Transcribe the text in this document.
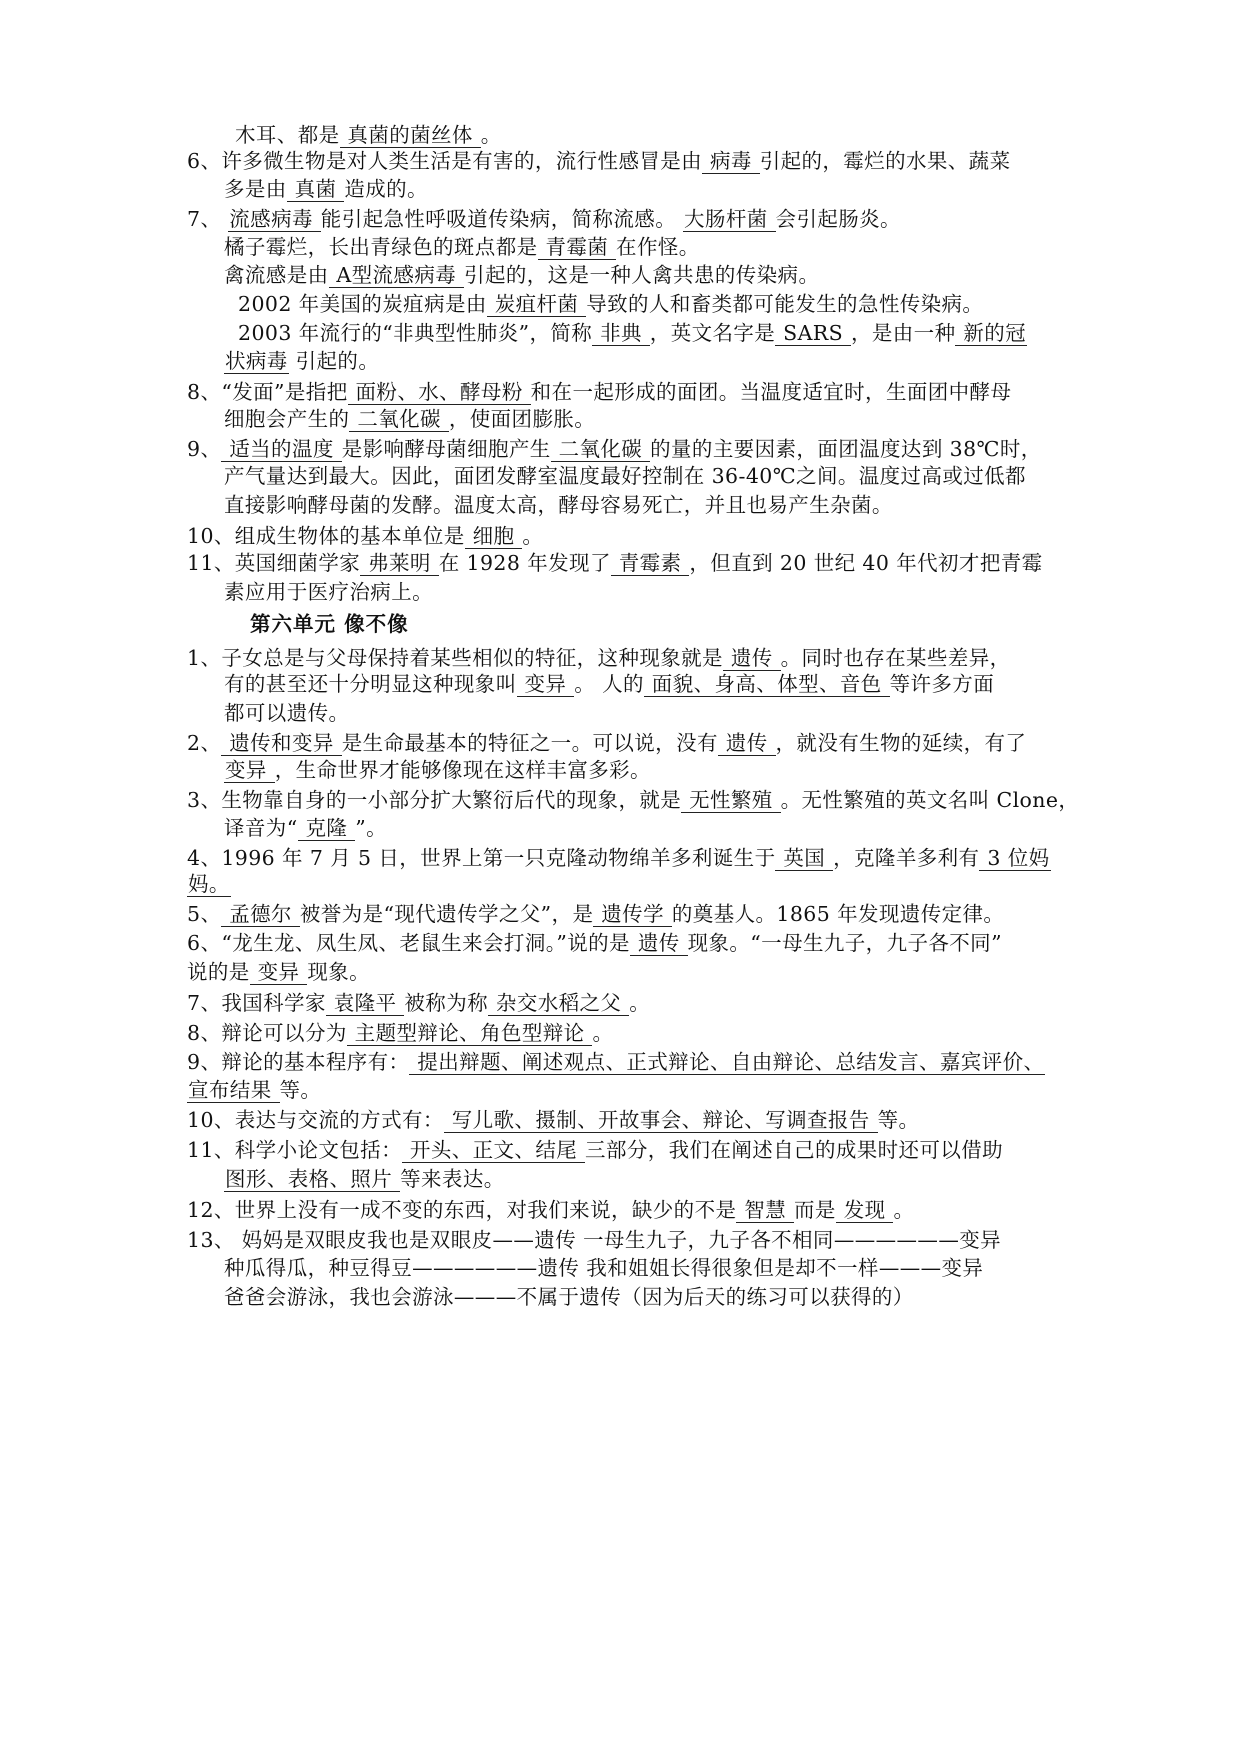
木耳、都是 真菌的菌丝体 。
6、许多微生物是对人类生活是有害的，流行性感冒是由 病毒 引起的，霉烂的水果、蔬菜
多是由 真菌 造成的。
7、 流感病毒 能引起急性呼吸道传染病，简称流感。 大肠杆菌 会引起肠炎。
橘子霉烂，长出青绿色的斑点都是 青霉菌 在作怪。
禽流感是由 A型流感病毒 引起的，这是一种人禽共患的传染病。
2002 年美国的炭疽病是由 炭疽杆菌 导致的人和畜类都可能发生的急性传染病。
2003 年流行的“非典型性肺炎”，简称 非典 ，英文名字是 SARS ，是由一种 新的冠
状病毒 引起的。
8、“发面”是指把 面粉、水、酵母粉 和在一起形成的面团。当温度适宜时，生面团中酵母
细胞会产生的 二氧化碳 ，使面团膨胀。
9、 适当的温度 是影响酵母菌细胞产生 二氧化碳 的量的主要因素，面团温度达到 38℃时，
产气量达到最大。因此，面团发酵室温度最好控制在 36-40℃之间。温度过高或过低都
直接影响酵母菌的发酵。温度太高，酵母容易死亡，并且也易产生杂菌。
10、组成生物体的基本单位是 细胞 。
11、英国细菌学家 弗莱明 在 1928 年发现了 青霉素 ，但直到 20 世纪 40 年代初才把青霉
素应用于医疗治病上。
第六单元 像不像
1、子女总是与父母保持着某些相似的特征，这种现象就是 遗传 。同时也存在某些差异，
有的甚至还十分明显这种现象叫 变异 。 人的 面貌、身高、体型、音色 等许多方面
都可以遗传。
2、 遗传和变异 是生命最基本的特征之一。可以说，没有 遗传 ，就没有生物的延续，有了
变异 ，生命世界才能够像现在这样丰富多彩。
3、生物靠自身的一小部分扩大繁衍后代的现象，就是 无性繁殖 。无性繁殖的英文名叫 Clone，
译音为“ 克隆 ”。
4、1996 年 7 月 5 日，世界上第一只克隆动物绵羊多利诞生于 英国 ，克隆羊多利有 3 位妈
妈。
5、 孟德尔 被誉为是“现代遗传学之父”，是 遗传学 的奠基人。1865 年发现遗传定律。
6、“龙生龙、凤生凤、老鼠生来会打洞。”说的是 遗传 现象。“一母生九子，九子各不同”
说的是 变异 现象。
7、我国科学家 袁隆平 被称为称 杂交水稻之父 。
8、辩论可以分为 主题型辩论、角色型辩论 。
9、辩论的基本程序有： 提出辩题、阐述观点、正式辩论、自由辩论、总结发言、嘉宾评价、
宣布结果 等。
10、表达与交流的方式有： 写儿歌、摄制、开故事会、辩论、写调查报告 等。
11、科学小论文包括： 开头、正文、结尾 三部分，我们在阐述自己的成果时还可以借助
图形、表格、照片 等来表达。
12、世界上没有一成不变的东西，对我们来说，缺少的不是 智慧 而是 发现 。
13、 妈妈是双眼皮我也是双眼皮——遗传 一母生九子，九子各不相同——————变异
种瓜得瓜，种豆得豆——————遗传 我和姐姐长得很象但是却不一样———变异
爸爸会游泳，我也会游泳———不属于遗传（因为后天的练习可以获得的）
